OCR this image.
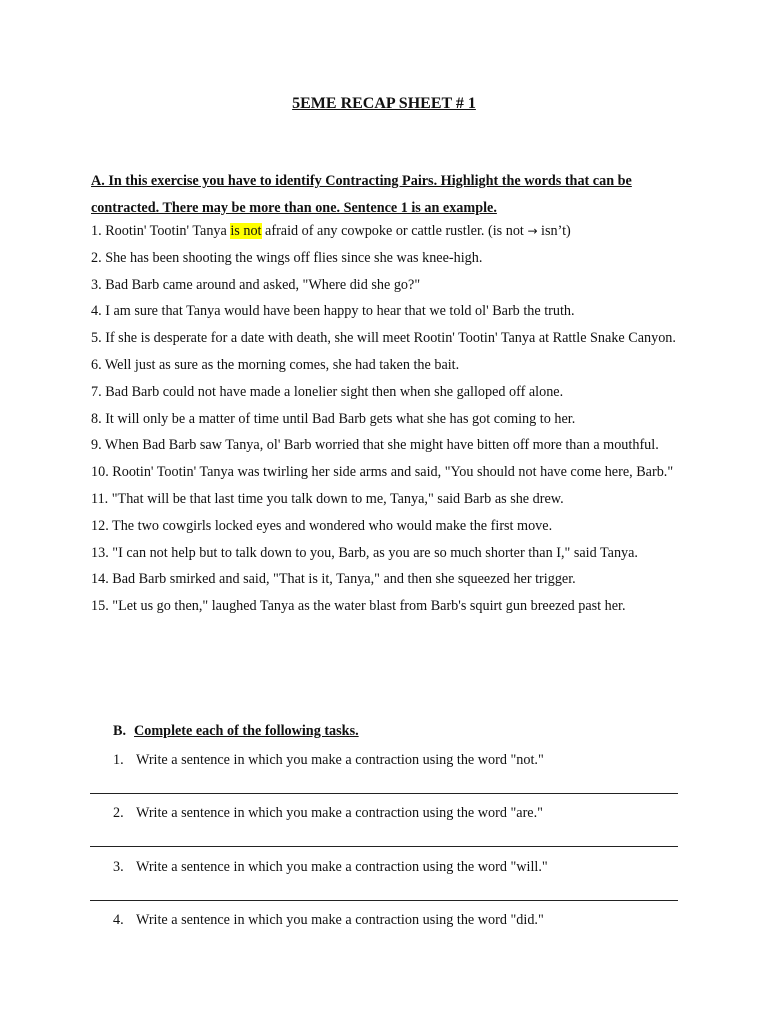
5EME RECAP SHEET # 1
A. In this exercise you have to identify Contracting Pairs. Highlight the words that can be contracted. There may be more than one. Sentence 1 is an example.
1. Rootin' Tootin' Tanya is not afraid of any cowpoke or cattle rustler. (is not → isn’t)
2. She has been shooting the wings off flies since she was knee-high.
3. Bad Barb came around and asked, "Where did she go?"
4. I am sure that Tanya would have been happy to hear that we told ol' Barb the truth.
5. If she is desperate for a date with death, she will meet Rootin' Tootin' Tanya at Rattle Snake Canyon.
6. Well just as sure as the morning comes, she had taken the bait.
7. Bad Barb could not have made a lonelier sight then when she galloped off alone.
8. It will only be a matter of time until Bad Barb gets what she has got coming to her.
9. When Bad Barb saw Tanya, ol' Barb worried that she might have bitten off more than a mouthful.
10. Rootin' Tootin' Tanya was twirling her side arms and said, "You should not have come here, Barb."
11. "That will be that last time you talk down to me, Tanya," said Barb as she drew.
12. The two cowgirls locked eyes and wondered who would make the first move.
13. "I can not help but to talk down to you, Barb, as you are so much shorter than I," said Tanya.
14. Bad Barb smirked and said, "That is it, Tanya," and then she squeezed her trigger.
15. "Let us go then," laughed Tanya as the water blast from Barb's squirt gun breezed past her.
B. Complete each of the following tasks.
1. Write a sentence in which you make a contraction using the word "not."
2. Write a sentence in which you make a contraction using the word "are."
3. Write a sentence in which you make a contraction using the word "will."
4. Write a sentence in which you make a contraction using the word "did."
